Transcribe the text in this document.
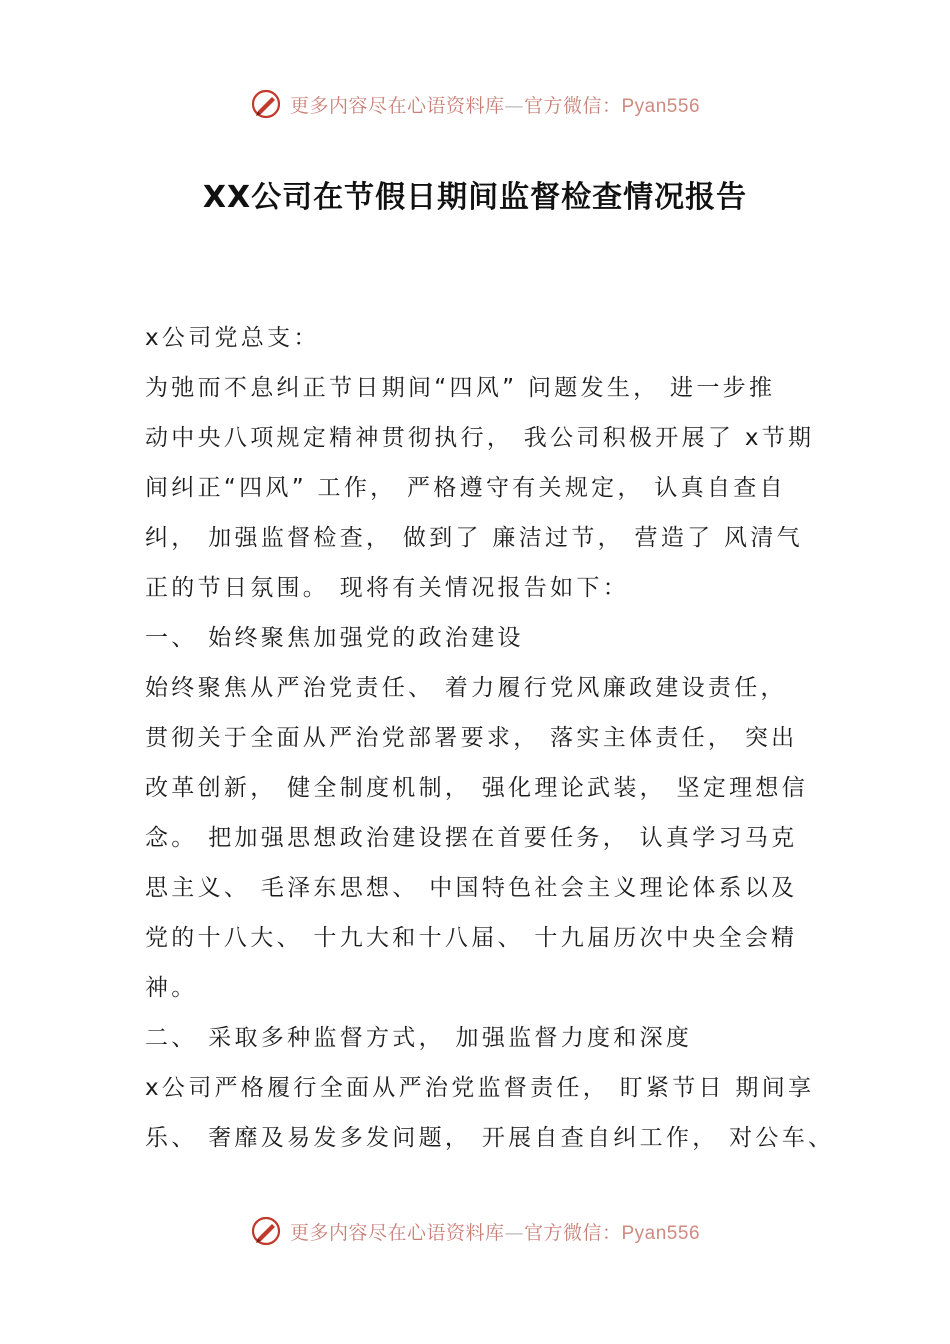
更多内容尽在心语资料库—官方微信：Pyan556
XX公司在节假日期间监督检查情况报告
x公司党总支：
为弛而不息纠正节日期间“四风” 问题发生， 进一步推
动中央八项规定精神贯彻执行， 我公司积极开展了 x节期
间纠正“四风” 工作， 严格遵守有关规定， 认真自查自
纠， 加强监督检查， 做到了 廉洁过节， 营造了 风清气
正的节日氛围。 现将有关情况报告如下：
一、 始终聚焦加强党的政治建设
始终聚焦从严治党责任、 着力履行党风廉政建设责任，
贯彻关于全面从严治党部署要求， 落实主体责任， 突出
改革创新， 健全制度机制， 强化理论武装， 坚定理想信
念。 把加强思想政治建设摆在首要任务， 认真学习马克
思主义、 毛泽东思想、 中国特色社会主义理论体系以及
党的十八大、 十九大和十八届、 十九届历次中央全会精
神。
二、 采取多种监督方式， 加强监督力度和深度
x公司严格履行全面从严治党监督责任， 盯紧节日 期间享
乐、 奢靡及易发多发问题， 开展自查自纠工作， 对公车、
更多内容尽在心语资料库—官方微信：Pyan556
